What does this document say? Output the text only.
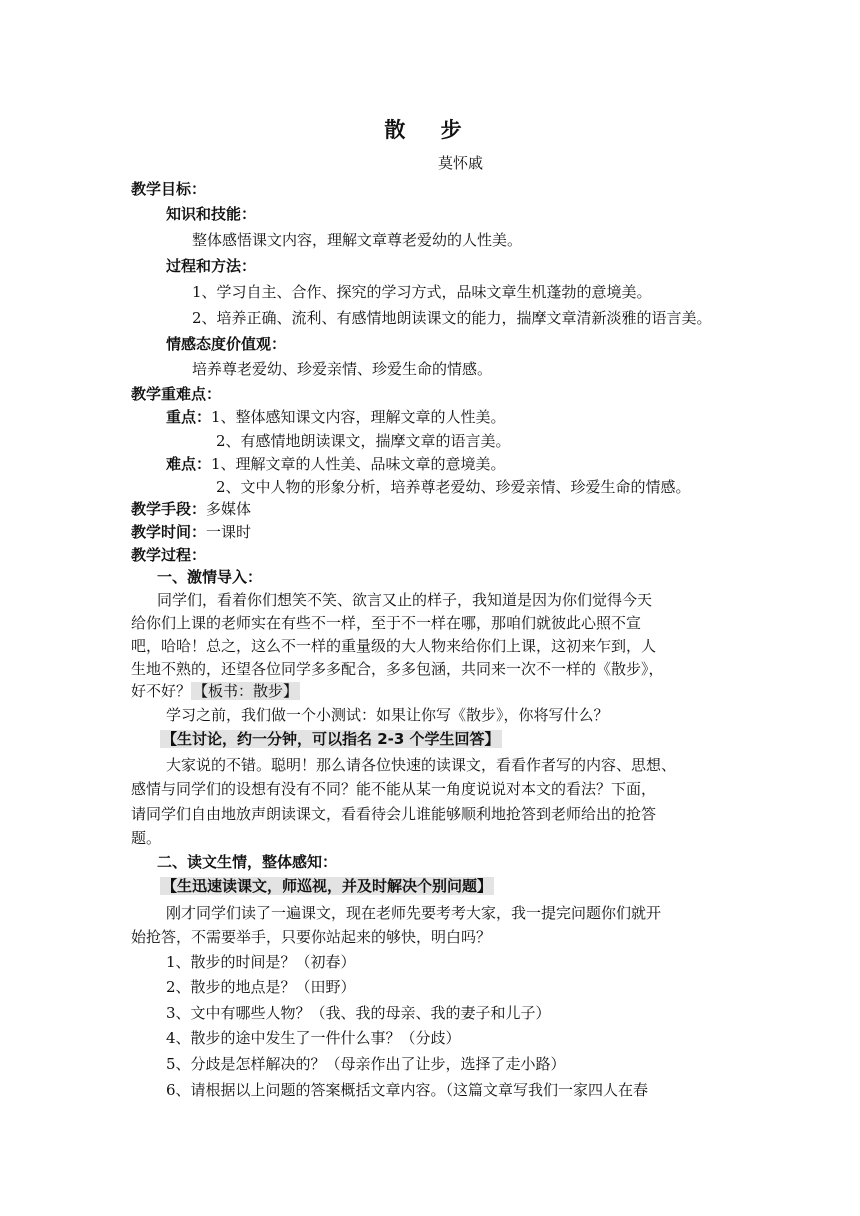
散 步
莫怀戚
教学目标：
知识和技能：
整体感悟课文内容，理解文章尊老爱幼的人性美。
过程和方法：
1、学习自主、合作、探究的学习方式，品味文章生机蓬勃的意境美。
2、培养正确、流利、有感情地朗读课文的能力，揣摩文章清新淡雅的语言美。
情感态度价值观：
培养尊老爱幼、珍爱亲情、珍爱生命的情感。
教学重难点：
重点：1、整体感知课文内容，理解文章的人性美。
2、有感情地朗读课文，揣摩文章的语言美。
难点：1、理解文章的人性美、品味文章的意境美。
2、文中人物的形象分析，培养尊老爱幼、珍爱亲情、珍爱生命的情感。
教学手段：多媒体
教学时间：一课时
教学过程：
一、激情导入：
同学们，看着你们想笑不笑、欲言又止的样子，我知道是因为你们觉得今天
给你们上课的老师实在有些不一样，至于不一样在哪，那咱们就彼此心照不宣
吧，哈哈！总之，这么不一样的重量级的大人物来给你们上课，这初来乍到，人
生地不熟的，还望各位同学多多配合，多多包涵，共同来一次不一样的《散步》，
好不好？ 【板书：散步】
学习之前，我们做一个小测试：如果让你写《散步》，你将写什么？
【生讨论，约一分钟，可以指名 2-3 个学生回答】
大家说的不错。聪明！那么请各位快速的读课文，看看作者写的内容、思想、
感情与同学们的设想有没有不同？能不能从某一角度说说对本文的看法？下面，
请同学们自由地放声朗读课文，看看待会儿谁能够顺利地抢答到老师给出的抢答
题。
二、读文生情，整体感知：
【生迅速读课文，师巡视，并及时解决个别问题】
刚才同学们读了一遍课文，现在老师先要考考大家，我一提完问题你们就开
始抢答，不需要举手，只要你站起来的够快，明白吗？
1、散步的时间是？（初春）
2、散步的地点是？（田野）
3、文中有哪些人物？（我、我的母亲、我的妻子和儿子）
4、散步的途中发生了一件什么事？（分歧）
5、分歧是怎样解决的？（母亲作出了让步，选择了走小路）
6、请根据以上问题的答案概括文章内容。（这篇文章写我们一家四人在春
